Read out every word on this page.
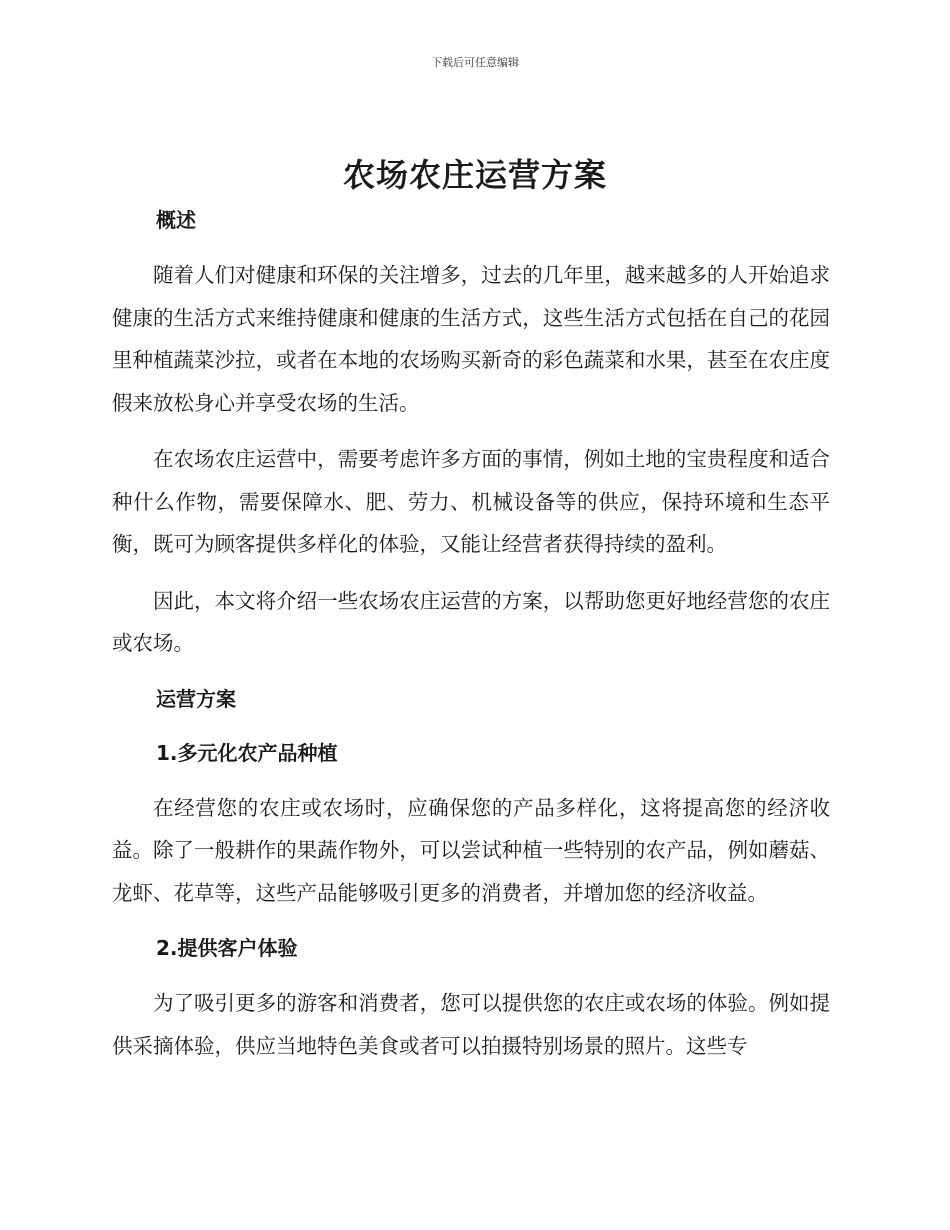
下载后可任意编辑
农场农庄运营方案
概述

随着人们对健康和环保的关注增多，过去的几年里，越来越多的人开始追求健康的生活方式来维持健康和健康的生活方式，这些生活方式包括在自己的花园里种植蔬菜沙拉，或者在本地的农场购买新奇的彩色蔬菜和水果，甚至在农庄度假来放松身心并享受农场的生活。

在农场农庄运营中，需要考虑许多方面的事情，例如土地的宝贵程度和适合种什么作物，需要保障水、肥、劳力、机械设备等的供应，保持环境和生态平衡，既可为顾客提供多样化的体验，又能让经营者获得持续的盈利。

因此，本文将介绍一些农场农庄运营的方案，以帮助您更好地经营您的农庄或农场。

运营方案
1.多元化农产品种植

在经营您的农庄或农场时，应确保您的产品多样化，这将提高您的经济收益。除了一般耕作的果蔬作物外，可以尝试种植一些特别的农产品，例如蘑菇、龙虾、花草等，这些产品能够吸引更多的消费者，并增加您的经济收益。

2.提供客户体验

为了吸引更多的游客和消费者，您可以提供您的农庄或农场的体验。例如提供采摘体验，供应当地特色美食或者可以拍摄特别场景的照片。这些专
